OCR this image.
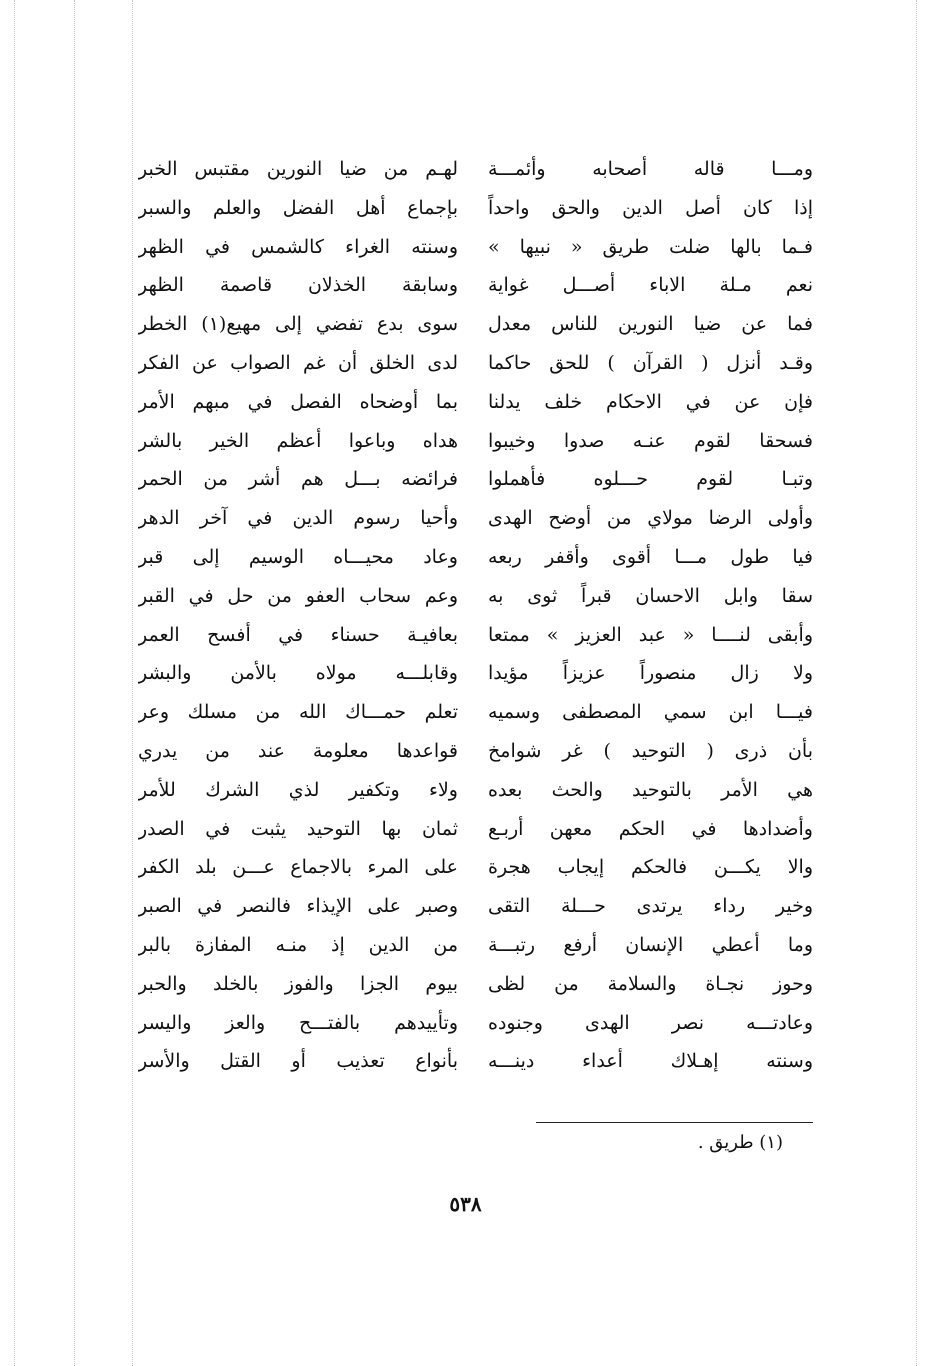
ومـــا قاله أصحابه وأئمـــة
إذا كان أصل الدين والحق واحداً
فـما بالها ضلت طريق « نبيها »
نعم مـلة الاباء أصـــل غواية
فما عن ضيا النورين للناس معدل
وقـد أنزل ( القرآن ) للحق حاكما
فإن عن في الاحكام خلف يدلنا
فسحقا لقوم عنـه صدوا وخيبوا
وتبـا لقوم حـــلوه فأهملوا
وأولى الرضا مولاي من أوضح الهدى
فيا طول مـــا أقوى وأقفر ربعه
سقا وابل الاحسان قبراً ثوى به
وأبقى لنــــا « عبد العزيز » ممتعا
ولا زال منصوراً عزيزاً مؤيدا
فيـــا ابن سمي المصطفى وسميه
بأن ذرى ( التوحيد ) غر شوامخ
هي الأمر بالتوحيد والحث بعده
وأضدادها في الحكم معهن أربـع
والا يكـــن فالحكم إيجاب هجرة
وخير رداء يرتدى حـــلة التقى
وما أعطي الإنسان أرفع رتبـــة
وحوز نجـاة والسلامة من لظى
وعادتـــه نصر الهدى وجنوده
وسنته إهـلاك أعداء دينـــه
لهـم من ضيا النورين مقتبس الخبر
بإجماع أهل الفضل والعلم والسبر
وسنته الغراء كالشمس في الظهر
وسابقة الخذلان قاصمة الظهر
سوى بدع تفضي إلى مهيع(١) الخطر
لدى الخلق أن غم الصواب عن الفكر
بما أوضحاه الفصل في مبهم الأمر
هداه وباعوا أعظم الخير بالشر
فرائضه بـــل هم أشر من الحمر
وأحيا رسوم الدين في آخر الدهر
وعاد محيـــاه الوسيم إلى قبر
وعم سحاب العفو من حل في القبر
بعافيـة حسناء في أفسح العمر
وقابلـــه مولاه بالأمن والبشر
تعلم حمـــاك الله من مسلك وعر
قواعدها معلومة عند من يدري
ولاء وتكفير لذي الشرك للأمر
ثمان بها التوحيد يثبت في الصدر
على المرء بالاجماع عـــن بلد الكفر
وصبر على الإيذاء فالنصر في الصبر
من الدين إذ منـه المفازة بالبر
بيوم الجزا والفوز بالخلد والحبر
وتأييدهم بالفتـــح والعز واليسر
بأنواع تعذيب أو القتل والأسر
(١) طريق .
٥٣٨
